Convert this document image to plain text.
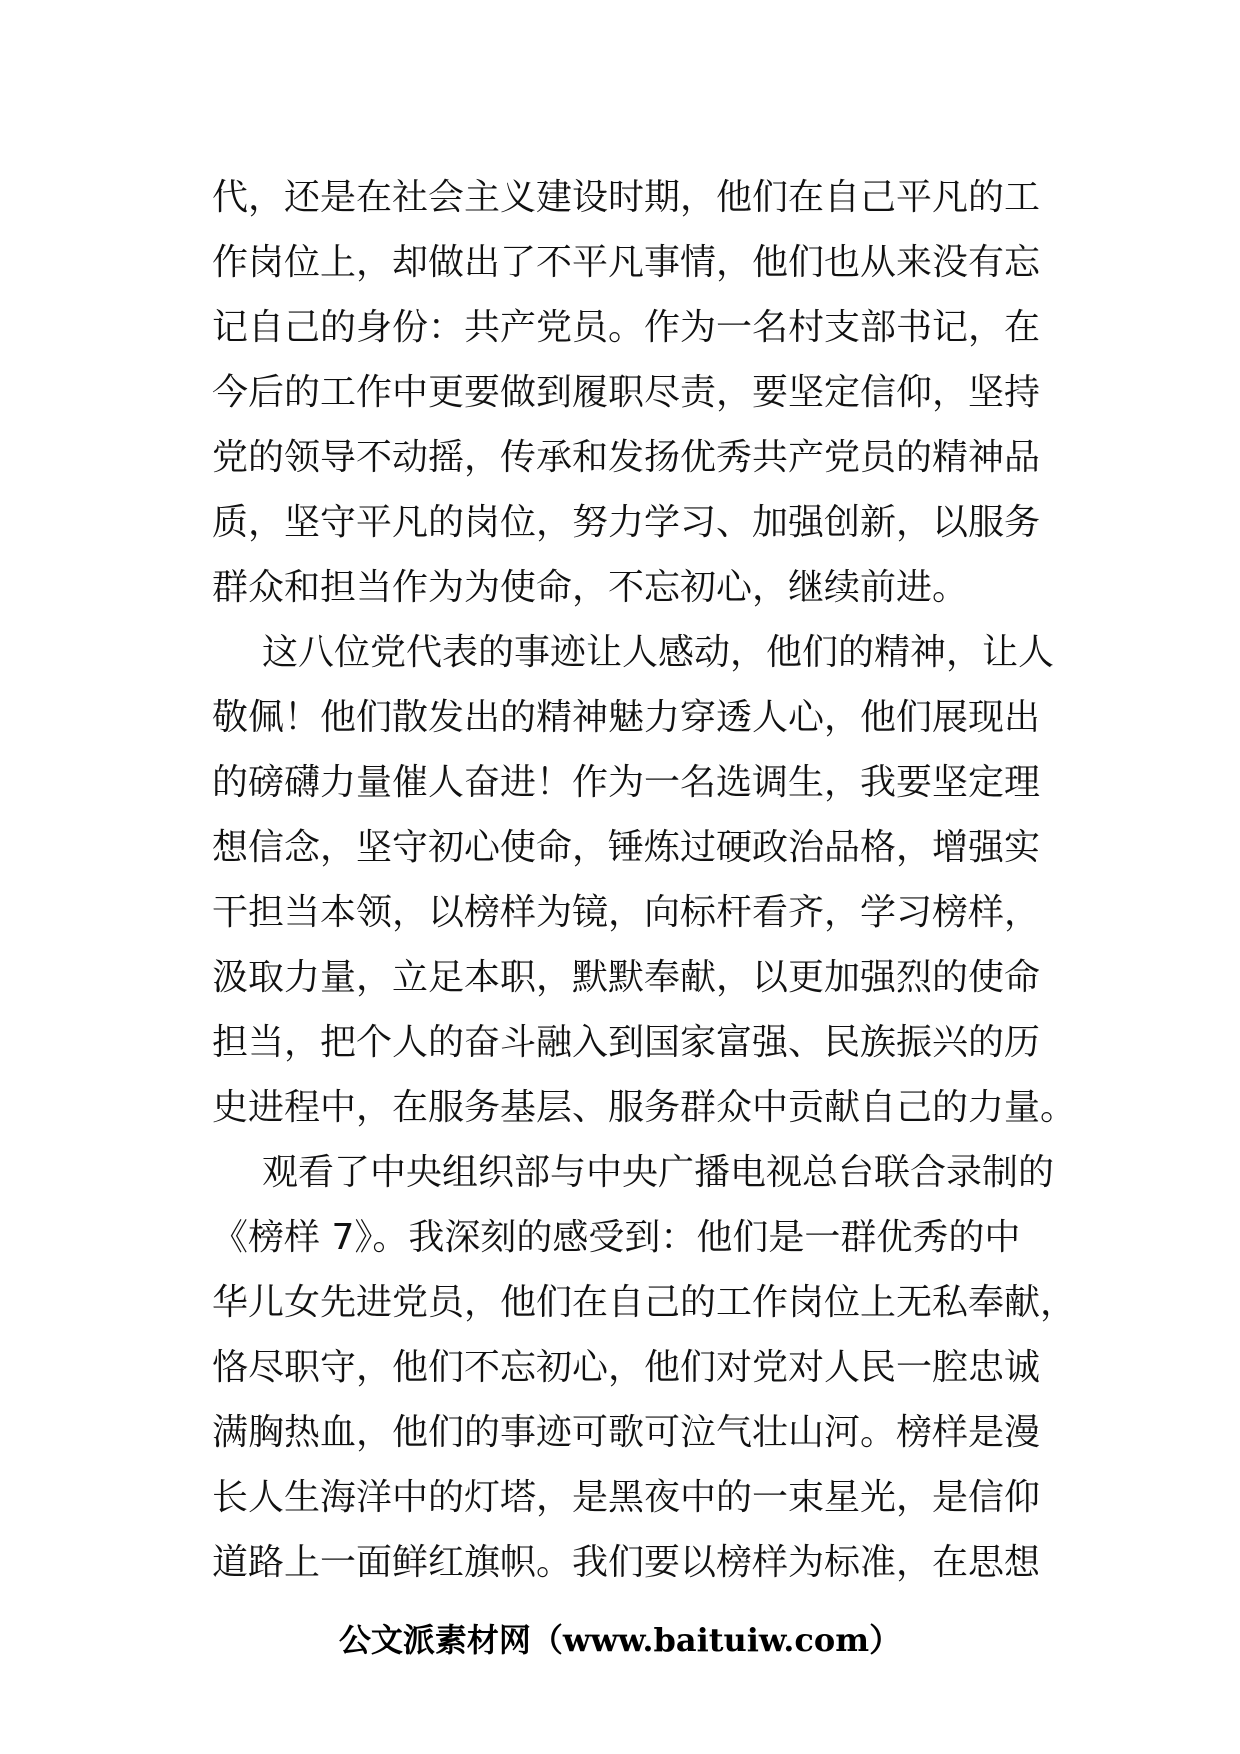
代，还是在社会主义建设时期，他们在自己平凡的工
作岗位上，却做出了不平凡事情，他们也从来没有忘
记自己的身份：共产党员。作为一名村支部书记，在
今后的工作中更要做到履职尽责，要坚定信仰，坚持
党的领导不动摇，传承和发扬优秀共产党员的精神品
质，坚守平凡的岗位，努力学习、加强创新，以服务
群众和担当作为为使命，不忘初心，继续前进。
这八位党代表的事迹让人感动，他们的精神，让人
敬佩！他们散发出的精神魅力穿透人心，他们展现出
的磅礴力量催人奋进！作为一名选调生，我要坚定理
想信念，坚守初心使命，锤炼过硬政治品格，增强实
干担当本领，以榜样为镜，向标杆看齐，学习榜样，
汲取力量，立足本职，默默奉献，以更加强烈的使命
担当，把个人的奋斗融入到国家富强、民族振兴的历
史进程中，在服务基层、服务群众中贡献自己的力量。
观看了中央组织部与中央广播电视总台联合录制的
《榜样 7》。我深刻的感受到：他们是一群优秀的中
华儿女先进党员，他们在自己的工作岗位上无私奉献，
恪尽职守，他们不忘初心，他们对党对人民一腔忠诚
满胸热血，他们的事迹可歌可泣气壮山河。榜样是漫
长人生海洋中的灯塔，是黑夜中的一束星光，是信仰
道路上一面鲜红旗帜。我们要以榜样为标准，在思想
公文派素材网（www.baituiw.com）
